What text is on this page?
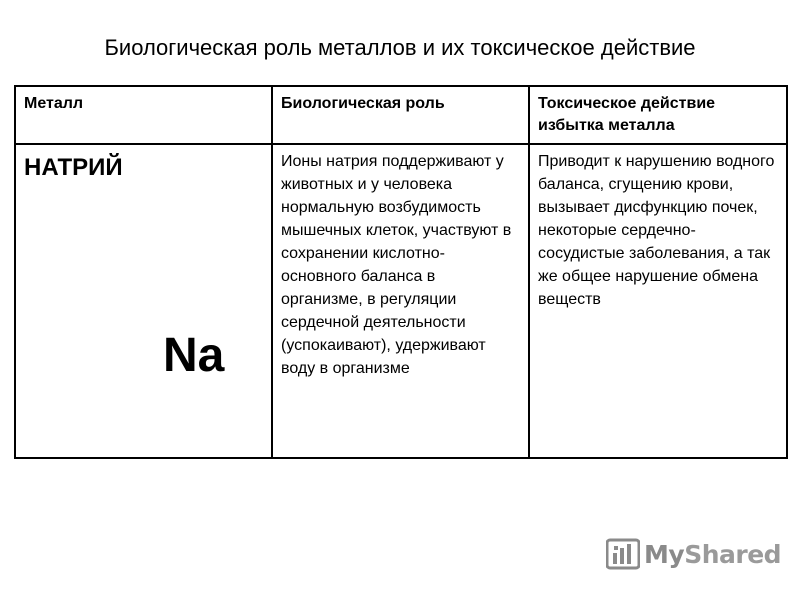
Биологическая роль металлов и их токсическое действие
Металл	Биологическая роль	Токсическое действие избытка металла

НАТРИЙ
Na	Ионы натрия поддерживают у животных и у человека нормальную возбудимость мышечных клеток, участвуют в сохранении кислотно-основного баланса в организме, в регуляции сердечной деятельности (успокаивают), удерживают воду в организме	Приводит к нарушению водного баланса, сгущению крови, вызывает дисфункцию почек, некоторые сердечно-сосудистые заболевания, а так же общее нарушение обмена веществ
MyShared
